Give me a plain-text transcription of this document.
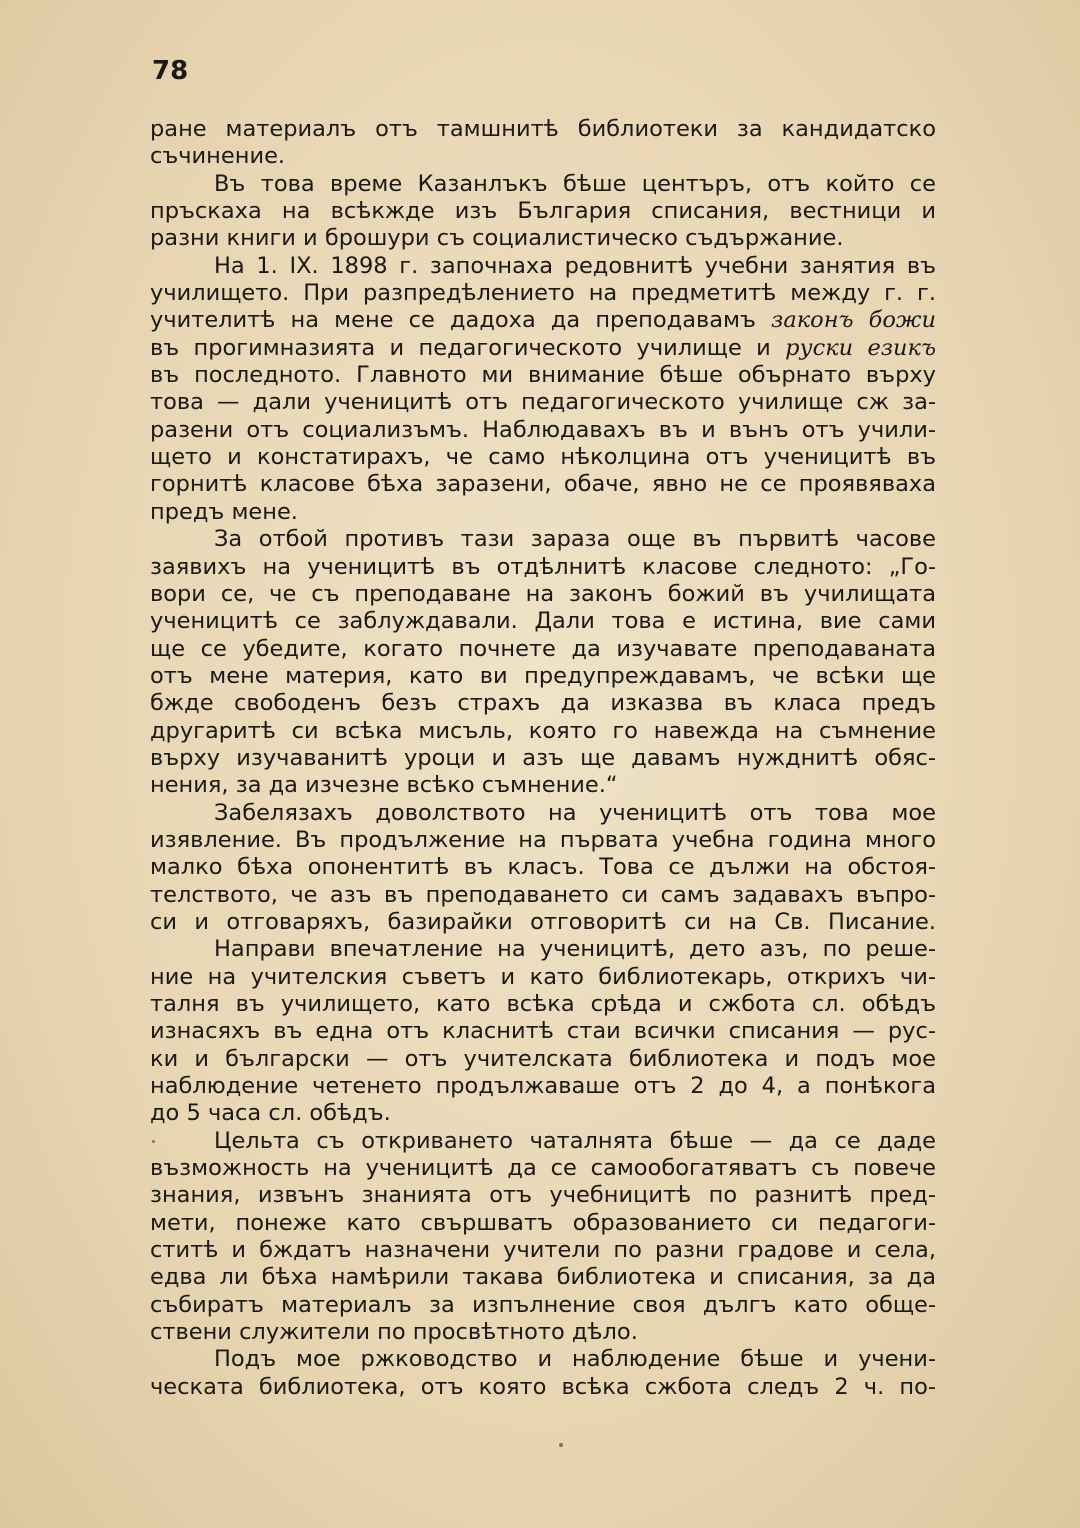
78
ране материалъ отъ тамшнитѣ библиотеки за кандидатско
съчинение.
Въ това време Казанлъкъ бѣше центъръ, отъ който се
пръскаха на всѣкжде изъ България списания, вестници и
разни книги и брошури съ социалистическо съдържание.
На 1. IX. 1898 г. започнаха редовнитѣ учебни занятия въ
училището. При разпредѣлението на предметитѣ между г. г.
учителитѣ на мене се дадоха да преподавамъ законъ божи
въ прогимназията и педагогическото училище и руски езикъ
въ последното. Главното ми внимание бѣше обърнато върху
това — дали ученицитѣ отъ педагогическото училище сж за-
разени отъ социализъмъ. Наблюдавахъ въ и вънъ отъ учили-
щето и констатирахъ, че само нѣколцина отъ ученицитѣ въ
горнитѣ класове бѣха заразени, обаче, явно не се проявяваха
предъ мене.
За отбой противъ тази зараза още въ първитѣ часове
заявихъ на ученицитѣ въ отдѣлнитѣ класове следното: „Го-
вори се, че съ преподаване на законъ божий въ училищата
ученицитѣ се заблуждавали. Дали това е истина, вие сами
ще се убедите, когато почнете да изучавате преподаваната
отъ мене материя, като ви предупреждавамъ, че всѣки ще
бжде свободенъ безъ страхъ да изказва въ класа предъ
другаритѣ си всѣка мисъль, която го навежда на съмнение
върху изучаванитѣ уроци и азъ ще давамъ нужднитѣ обяс-
нения, за да изчезне всѣко съмнение.“
Забелязахъ доволството на ученицитѣ отъ това мое
изявление. Въ продължение на първата учебна година много
малко бѣха опонентитѣ въ класъ. Това се дължи на обстоя-
телството, че азъ въ преподаването си самъ задавахъ въпро-
си и отговаряхъ, базирайки отговоритѣ си на Св. Писание.
Направи впечатление на ученицитѣ, дето азъ, по реше-
ние на учителския съветъ и като библиотекарь, открихъ чи-
талня въ училището, като всѣка срѣда и сжбота сл. обѣдъ
изнасяхъ въ една отъ класнитѣ стаи всички списания — рус-
ки и български — отъ учителската библиотека и подъ мое
наблюдение четенето продължаваше отъ 2 до 4, а понѣкога
до 5 часа сл. обѣдъ.
Цельта съ откриването чаталнята бѣше — да се даде
възможность на ученицитѣ да се самообогатяватъ съ повече
знания, извънъ знанията отъ учебницитѣ по разнитѣ пред-
мети, понеже като свършватъ образованието си педагоги-
ститѣ и бждатъ назначени учители по разни градове и села,
едва ли бѣха намѣрили такава библиотека и списания, за да
събиратъ материалъ за изпълнение своя дългъ като обще-
ствени служители по просвѣтното дѣло.
Подъ мое ржководство и наблюдение бѣше и учени-
ческата библиотека, отъ която всѣка сжбота следъ 2 ч. по-
